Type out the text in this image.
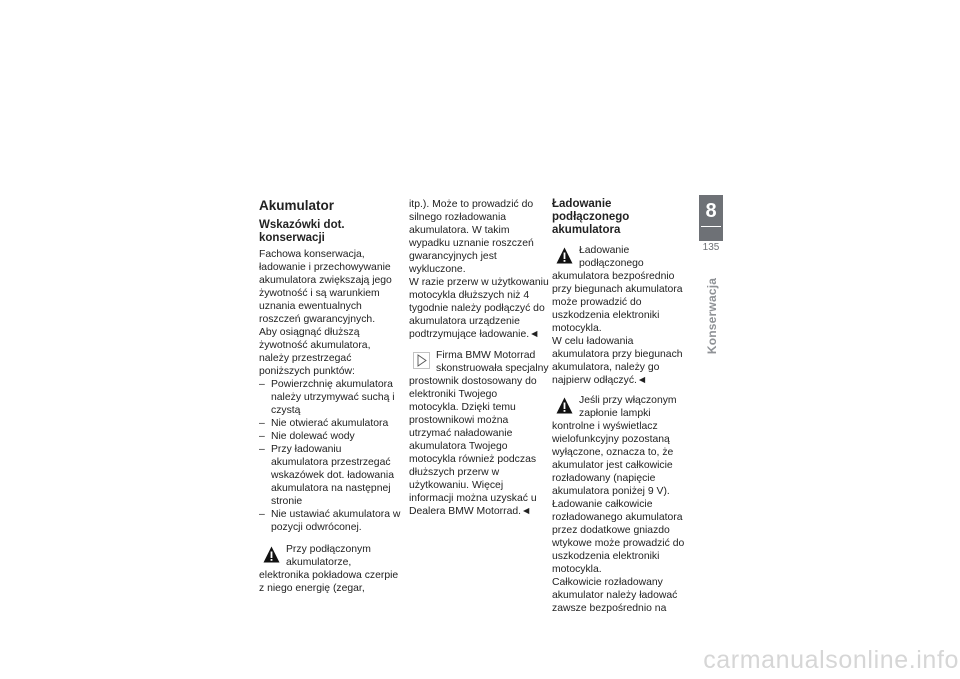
Akumulator
Wskazówki dot. konserwacji

Fachowa konserwacja, ładowanie i przechowywanie akumulatora zwiększają jego żywotność i są warunkiem uznania ewentualnych roszczeń gwarancyjnych.

Aby osiągnąć dłuższą żywotność akumulatora, należy przestrzegać poniższych punktów:

– Powierzchnię akumulatora należy utrzymywać suchą i czystą
– Nie otwierać akumulatora
– Nie dolewać wody
– Przy ładowaniu akumulatora przestrzegać wskazówek dot. ładowania akumulatora na następnej stronie
– Nie ustawiać akumulatora w pozycji odwróconej.
Przy podłączonym akumulatorze, elektronika pokładowa czerpie z niego energię (zegar,

itp.). Może to prowadzić do silnego rozładowania akumulatora. W takim wypadku uznanie roszczeń gwarancyjnych jest wykluczone.

W razie przerw w użytkowaniu motocykla dłuższych niż 4 tygodnie należy podłączyć do akumulatora urządzenie podtrzymujące ładowanie.◄

Firma BMW Motorrad skonstruowała specjalny prostownik dostosowany do elektroniki Twojego motocykla. Dzięki temu prostownikowi można utrzymać naładowanie akumulatora Twojego motocykla również podczas dłuższych przerw w użytkowaniu. Więcej informacji można uzyskać u Dealera BMW Motorrad.◄
Ładowanie podłączonego akumulatora
Ładowanie podłączonego akumulatora bezpośrednio przy biegunach akumulatora może prowadzić do uszkodzenia elektroniki motocykla.

W celu ładowania akumulatora przy biegunach akumulatora, należy go najpierw odłączyć.◄

Jeśli przy włączonym zapłonie lampki kontrolne i wyświetlacz wielofunkcyjny pozostaną wyłączone, oznacza to, że akumulator jest całkowicie rozładowany (napięcie akumulatora poniżej 9 V). Ładowanie całkowicie rozładowanego akumulatora przez dodatkowe gniazdo wtykowe może prowadzić do uszkodzenia elektroniki motocykla.

Całkowicie rozładowany akumulator należy ładować zawsze bezpośrednio na

8
135
Konserwacja
carmanualsonline.info
